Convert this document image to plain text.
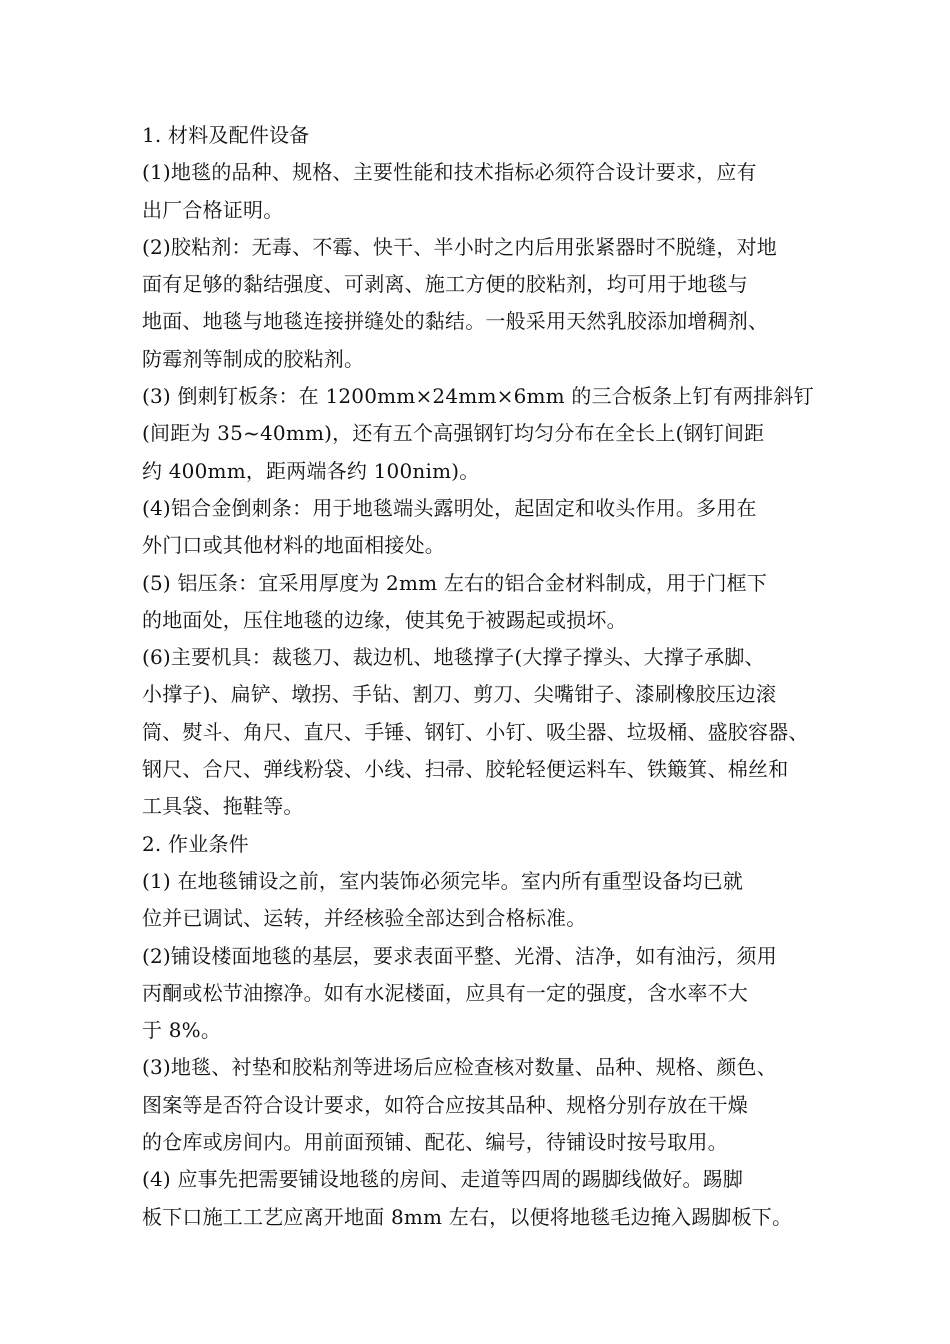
1. 材料及配件设备
(1)地毯的品种、规格、主要性能和技术指标必须符合设计要求，应有
出厂合格证明。
(2)胶粘剂：无毒、不霉、快干、半小时之内后用张紧器时不脱缝，对地
面有足够的黏结强度、可剥离、施工方便的胶粘剂，均可用于地毯与
地面、地毯与地毯连接拼缝处的黏结。一般采用天然乳胶添加增稠剂、
防霉剂等制成的胶粘剂。
(3) 倒刺钉板条：在 1200mm×24mm×6mm 的三合板条上钉有两排斜钉
(间距为 35~40mm)，还有五个高强钢钉均匀分布在全长上(钢钉间距
约 400mm，距两端各约 100nim)。
(4)铝合金倒刺条：用于地毯端头露明处，起固定和收头作用。多用在
外门口或其他材料的地面相接处。
(5) 铝压条：宜采用厚度为 2mm 左右的铝合金材料制成，用于门框下
的地面处，压住地毯的边缘，使其免于被踢起或损坏。
(6)主要机具：裁毯刀、裁边机、地毯撑子(大撑子撑头、大撑子承脚、
小撑子)、扁铲、墩拐、手钻、割刀、剪刀、尖嘴钳子、漆刷橡胶压边滚
筒、熨斗、角尺、直尺、手锤、钢钉、小钉、吸尘器、垃圾桶、盛胶容器、
钢尺、合尺、弹线粉袋、小线、扫帚、胶轮轻便运料车、铁簸箕、棉丝和
工具袋、拖鞋等。
2. 作业条件
(1) 在地毯铺设之前，室内装饰必须完毕。室内所有重型设备均已就
位并已调试、运转，并经核验全部达到合格标准。
(2)铺设楼面地毯的基层，要求表面平整、光滑、洁净，如有油污，须用
丙酮或松节油擦净。如有水泥楼面，应具有一定的强度，含水率不大
于 8%。
(3)地毯、衬垫和胶粘剂等进场后应检查核对数量、品种、规格、颜色、
图案等是否符合设计要求，如符合应按其品种、规格分别存放在干燥
的仓库或房间内。用前面预铺、配花、编号，待铺设时按号取用。
(4) 应事先把需要铺设地毯的房间、走道等四周的踢脚线做好。踢脚
板下口施工工艺应离开地面 8mm 左右，以便将地毯毛边掩入踢脚板下。
